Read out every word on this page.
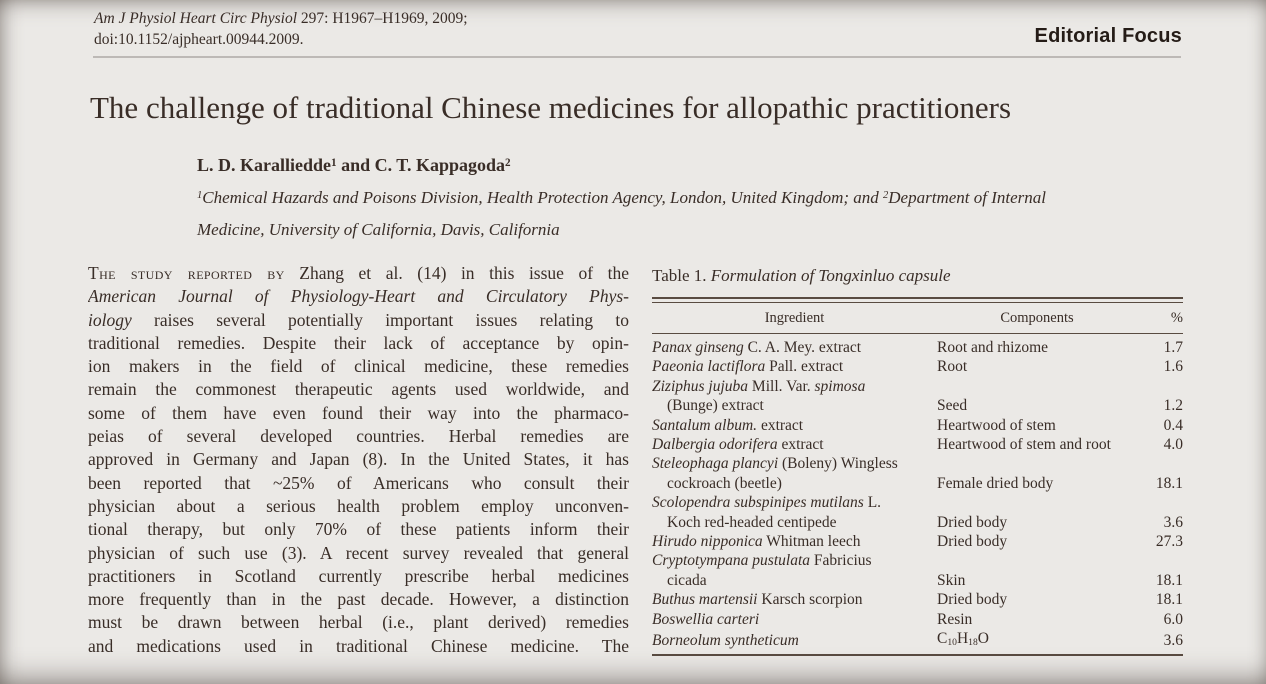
Am J Physiol Heart Circ Physiol 297: H1967–H1969, 2009;
doi:10.1152/ajpheart.00944.2009.	Editorial Focus
The challenge of traditional Chinese medicines for allopathic practitioners
L. D. Karalliedde$^1$ and C. T. Kappagoda$^2$
$^1$Chemical Hazards and Poisons Division, Health Protection Agency, London, United Kingdom; and $^2$Department of Internal
Medicine, University of California, Davis, California
The study reported by Zhang et al. (14) in this issue of the
American Journal of Physiology-Heart and Circulatory Phys-
iology raises several potentially important issues relating to
traditional remedies. Despite their lack of acceptance by opin-
ion makers in the field of clinical medicine, these remedies
remain the commonest therapeutic agents used worldwide, and
some of them have even found their way into the pharmaco-
peias of several developed countries. Herbal remedies are
approved in Germany and Japan (8). In the United States, it has
been reported that ~25% of Americans who consult their
physician about a serious health problem employ unconven-
tional therapy, but only 70% of these patients inform their
physician of such use (3). A recent survey revealed that general
practitioners in Scotland currently prescribe herbal medicines
more frequently than in the past decade. However, a distinction
must be drawn between herbal (i.e., plant derived) remedies
and medications used in traditional Chinese medicine. The

Table 1. Formulation of Tongxinluo capsule

Ingredient	Components	%
Panax ginseng C. A. Mey. extract	Root and rhizome	1.7
Paeonia lactiflora Pall. extract	Root	1.6
Ziziphus jujuba Mill. Var. spimosa
(Bunge) extract	Seed	1.2
Santalum album. extract	Heartwood of stem	0.4
Dalbergia odorifera extract	Heartwood of stem and root	4.0
Steleophaga plancyi (Boleny) Wingless
cockroach (beetle)	Female dried body	18.1
Scolopendra subspinipes mutilans L.
Koch red-headed centipede	Dried body	3.6
Hirudo nipponica Whitman leech	Dried body	27.3
Cryptotympana pustulata Fabricius
cicada	Skin	18.1
Buthus martensii Karsch scorpion	Dried body	18.1
Boswellia carteri	Resin	6.0
Borneolum syntheticum	C10H18O	3.6
